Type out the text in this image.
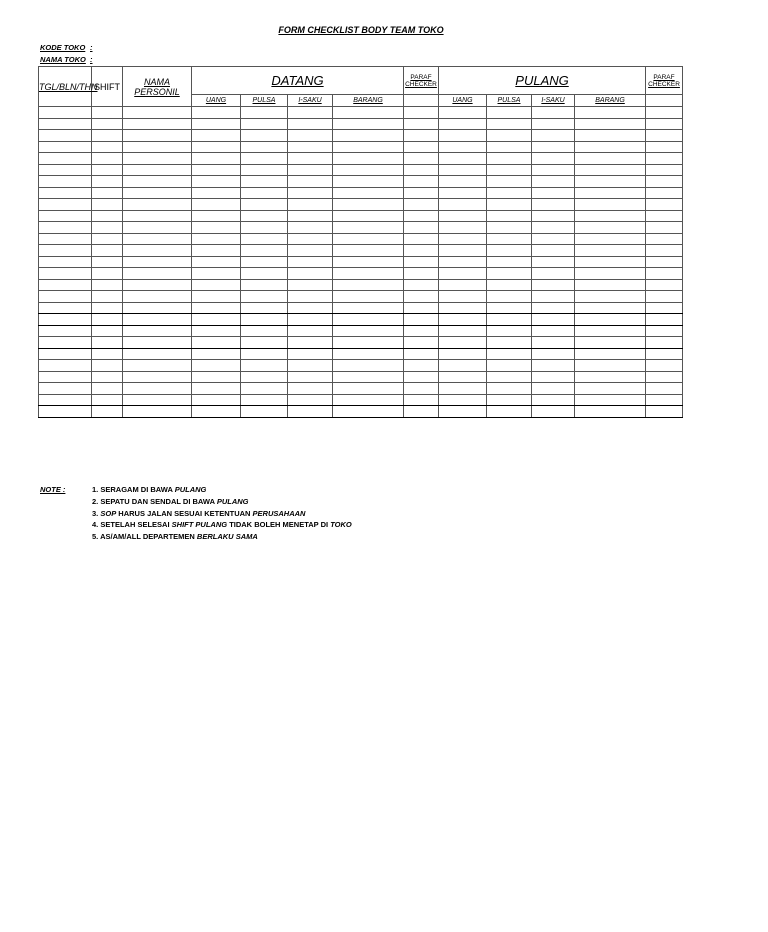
FORM CHECKLIST BODY TEAM TOKO
KODE TOKO :
NAMA TOKO :
TGL/BLN/THN	SHIFT	NAMA PERSONIL	DATANG				PARAF CHECKER	PULANG				PARAF CHECKER
			UANG	PULSA	I-SAKU	BARANG		UANG	PULSA	I-SAKU	BARANG	

NOTE :	1. SERAGAM DI BAWA PULANG
2. SEPATU DAN SENDAL DI BAWA PULANG
3. SOP HARUS JALAN SESUAI KETENTUAN PERUSAHAAN
4. SETELAH SELESAI SHIFT PULANG TIDAK BOLEH MENETAP DI TOKO
5. AS/AM/ALL DEPARTEMEN BERLAKU SAMA
